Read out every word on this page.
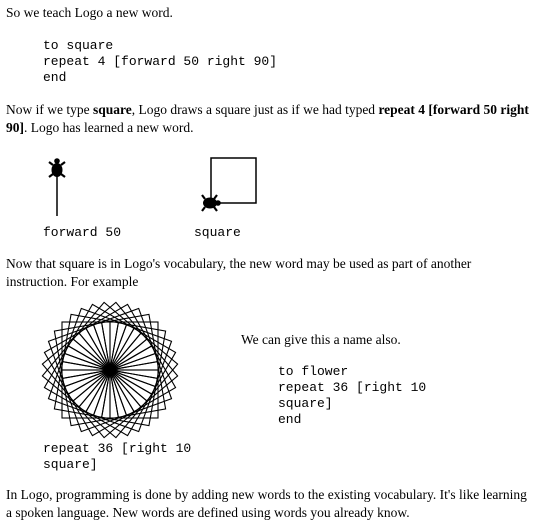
So we teach Logo a new word.
to square
repeat 4 [forward 50 right 90]
end
Now if we type square, Logo draws a square just as if we had typed repeat 4 [forward 50 right 90]. Logo has learned a new word.
forward 50	square
Now that square is in Logo's vocabulary, the new word may be used as part of another instruction. For example
repeat 36 [right 10
square]
We can give this a name also.
to flower
repeat 36 [right 10
square]
end
In Logo, programming is done by adding new words to the existing vocabulary. It's like learning a spoken language. New words are defined using words you already know.
